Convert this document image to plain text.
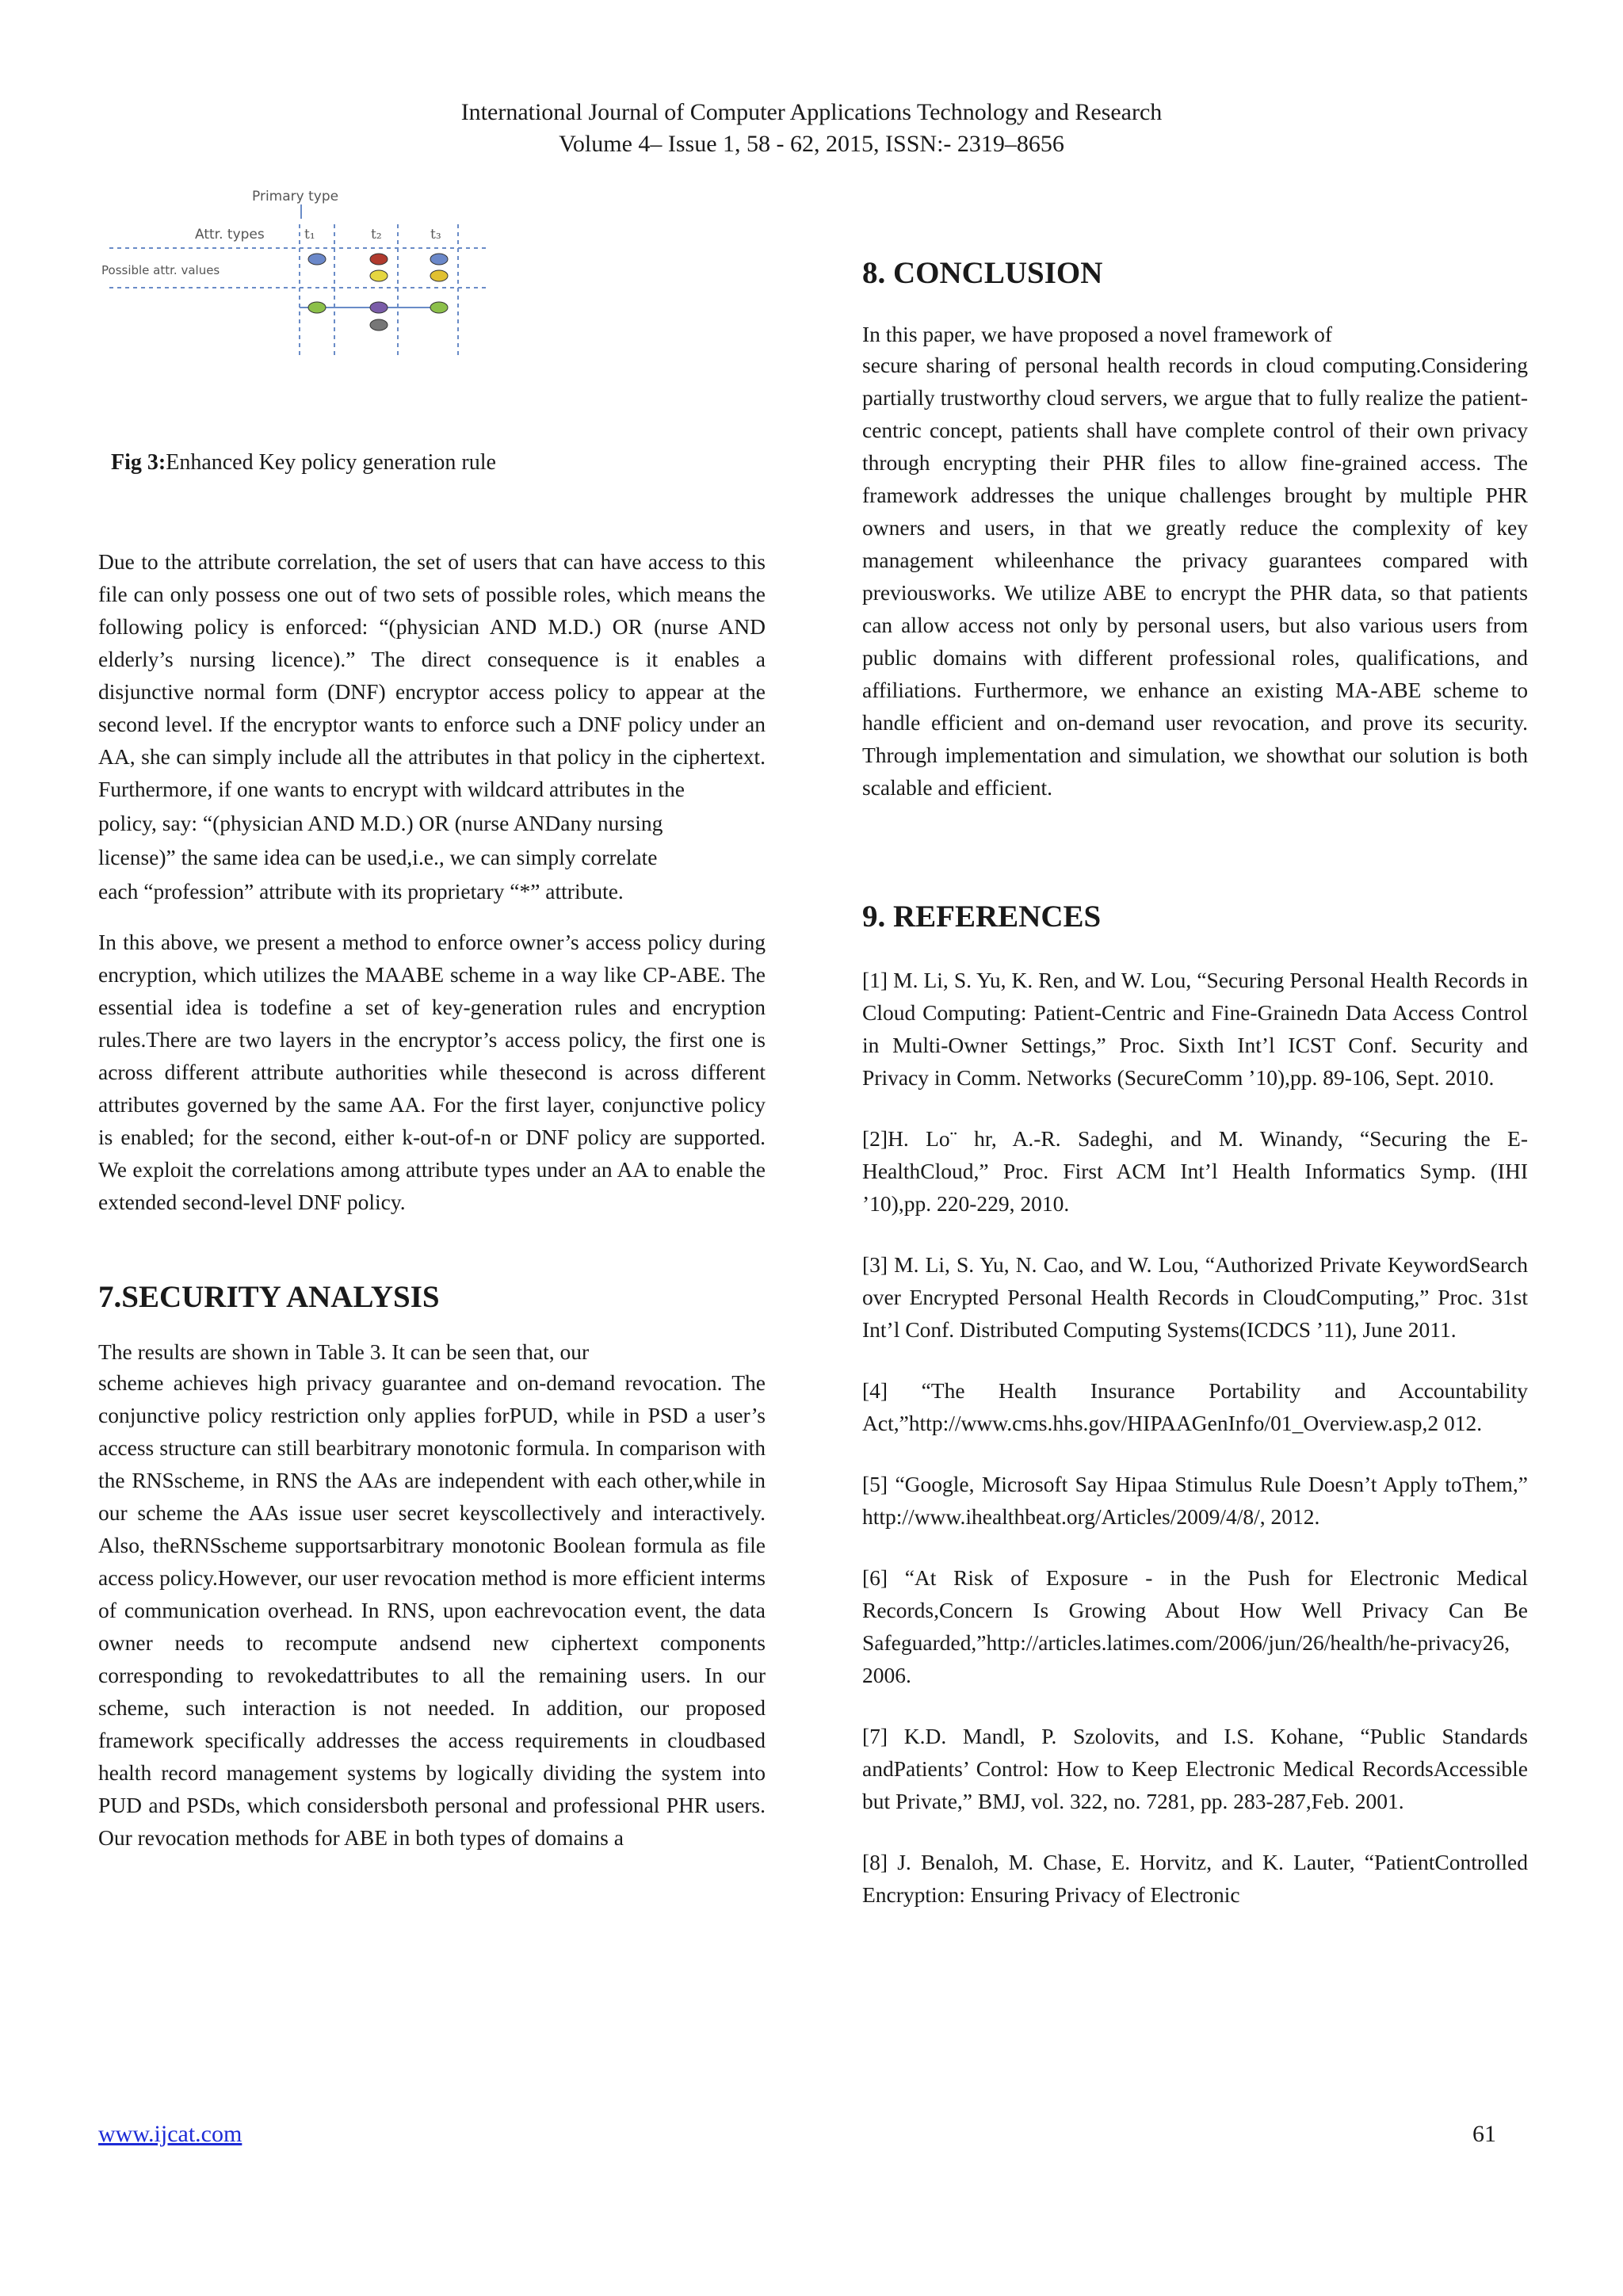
International Journal of Computer Applications Technology and Research
Volume 4– Issue 1, 58 - 62, 2015, ISSN:- 2319–8656
Primary type
Attr. types
Possible attr. values
t₁	t₂	t₃
Fig 3:Enhanced Key policy generation rule

Due to the attribute correlation, the set of users that can have access to this file can only possess one out of two sets of possible roles, which means the following policy is enforced: “(physician AND M.D.) OR (nurse AND elderly’s nursing licence).” The direct consequence is it enables a disjunctive normal form (DNF) encryptor access policy to appear at the second level. If the encryptor wants to enforce such a DNF policy under an AA, she can simply include all the attributes in that policy in the ciphertext. Furthermore, if one wants to encrypt with wildcard attributes in the

policy, say: “(physician AND M.D.) OR (nurse ANDany nursing

license)” the same idea can be used,i.e., we can simply correlate

each “profession” attribute with its proprietary “*” attribute.

In this above, we present a method to enforce owner’s access policy during encryption, which utilizes the MAABE scheme in a way like CP-ABE. The essential idea is todefine a set of key-generation rules and encryption rules.There are two layers in the encryptor’s access policy, the first one is across different attribute authorities while thesecond is across different attributes governed by the same AA. For the first layer, conjunctive policy is enabled; for the second, either k-out-of-n or DNF policy are supported. We exploit the correlations among attribute types under an AA to enable the extended second-level DNF policy.
7.SECURITY ANALYSIS

The results are shown in Table 3. It can be seen that, our

scheme achieves high privacy guarantee and on-demand revocation. The conjunctive policy restriction only applies forPUD, while in PSD a user’s access structure can still bearbitrary monotonic formula. In comparison with the RNSscheme, in RNS the AAs are independent with each other,while in our scheme the AAs issue user secret keyscollectively and interactively. Also, theRNSscheme supportsarbitrary monotonic Boolean formula as file access policy.However, our user revocation method is more efficient interms of communication overhead. In RNS, upon eachrevocation event, the data owner needs to recompute andsend new ciphertext components corresponding to revokedattributes to all the remaining users. In our scheme, such interaction is not needed. In addition, our proposed framework specifically addresses the access requirements in cloudbased health record management systems by logically dividing the system into PUD and PSDs, which considersboth personal and professional PHR users. Our revocation methods for ABE in both types of domains a

8. CONCLUSION

In this paper, we have proposed a novel framework of

secure sharing of personal health records in cloud computing.Considering partially trustworthy cloud servers, we argue that to fully realize the patient-centric concept, patients shall have complete control of their own privacy through encrypting their PHR files to allow fine-grained access. The framework addresses the unique challenges brought by multiple PHR owners and users, in that we greatly reduce the complexity of key management whileenhance the privacy guarantees compared with previousworks. We utilize ABE to encrypt the PHR data, so that patients can allow access not only by personal users, but also various users from public domains with different professional roles, qualifications, and affiliations. Furthermore, we enhance an existing MA-ABE scheme to handle efficient and on-demand user revocation, and prove its security. Through implementation and simulation, we showthat our solution is both scalable and efficient.

9. REFERENCES

[1] M. Li, S. Yu, K. Ren, and W. Lou, “Securing Personal Health Records in Cloud Computing: Patient-Centric and Fine-Grainedn Data Access Control in Multi-Owner Settings,” Proc. Sixth Int’l ICST Conf. Security and Privacy in Comm. Networks (SecureComm ’10),pp. 89-106, Sept. 2010.

[2]H. Lo¨ hr, A.-R. Sadeghi, and M. Winandy, “Securing the E-HealthCloud,” Proc. First ACM Int’l Health Informatics Symp. (IHI ’10),pp. 220-229, 2010.

[3] M. Li, S. Yu, N. Cao, and W. Lou, “Authorized Private KeywordSearch over Encrypted Personal Health Records in CloudComputing,” Proc. 31st Int’l Conf. Distributed Computing Systems(ICDCS ’11), June 2011.

[4] “The Health Insurance Portability and Accountability Act,”http://www.cms.hhs.gov/HIPAAGenInfo/01_Overview.asp,2 012.

[5] “Google, Microsoft Say Hipaa Stimulus Rule Doesn’t Apply toThem,” http://www.ihealthbeat.org/Articles/2009/4/8/, 2012.

[6] “At Risk of Exposure - in the Push for Electronic Medical Records,Concern Is Growing About How Well Privacy Can Be Safeguarded,”http://articles.latimes.com/2006/jun/26/health/he-privacy26, 2006.

[7] K.D. Mandl, P. Szolovits, and I.S. Kohane, “Public Standards andPatients’ Control: How to Keep Electronic Medical RecordsAccessible but Private,” BMJ, vol. 322, no. 7281, pp. 283-287,Feb. 2001.

[8] J. Benaloh, M. Chase, E. Horvitz, and K. Lauter, “PatientControlled Encryption: Ensuring Privacy of Electronic

www.ijcat.com	61
